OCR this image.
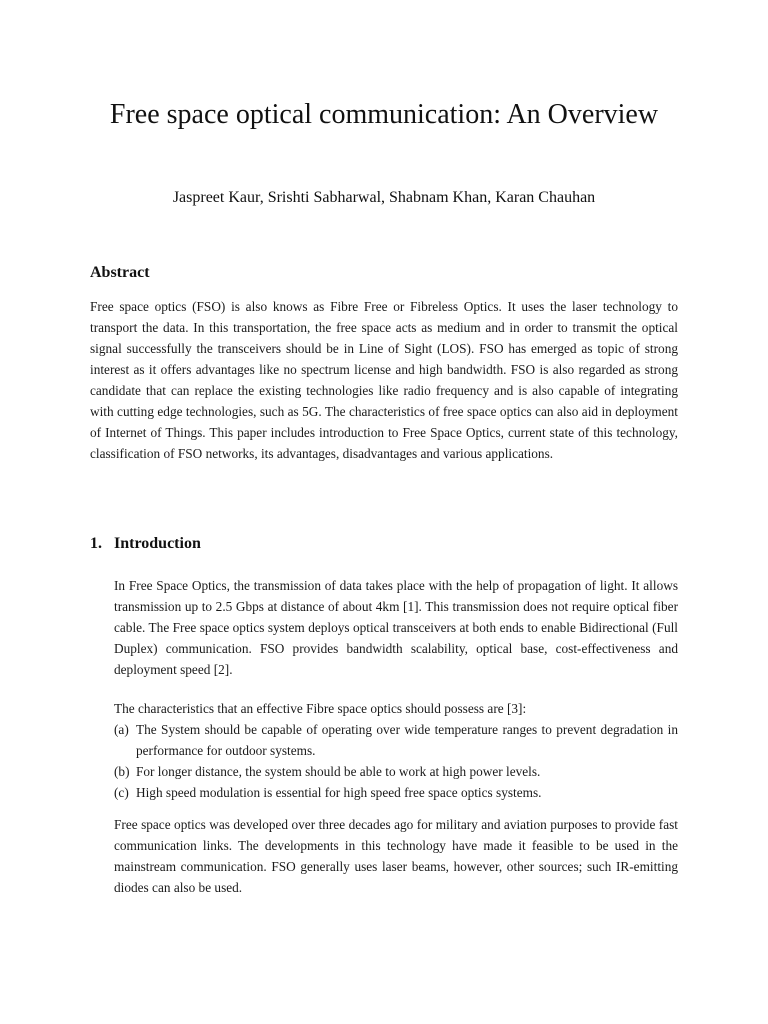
Free space optical communication: An Overview

Jaspreet Kaur, Srishti Sabharwal, Shabnam Khan, Karan Chauhan

Abstract

Free space optics (FSO) is also knows as Fibre Free or Fibreless Optics. It uses the laser technology to transport the data. In this transportation, the free space acts as medium and in order to transmit the optical signal successfully the transceivers should be in Line of Sight (LOS). FSO has emerged as topic of strong interest as it offers advantages like no spectrum license and high bandwidth. FSO is also regarded as strong candidate that can replace the existing technologies like radio frequency and is also capable of integrating with cutting edge technologies, such as 5G. The characteristics of free space optics can also aid in deployment of Internet of Things. This paper includes introduction to Free Space Optics, current state of this technology, classification of FSO networks, its advantages, disadvantages and various applications.

1. Introduction

In Free Space Optics, the transmission of data takes place with the help of propagation of light. It allows transmission up to 2.5 Gbps at distance of about 4km [1]. This transmission does not require optical fiber cable. The Free space optics system deploys optical transceivers at both ends to enable Bidirectional (Full Duplex) communication. FSO provides bandwidth scalability, optical base, cost-effectiveness and deployment speed [2].

The characteristics that an effective Fibre space optics should possess are [3]:

(a) The System should be capable of operating over wide temperature ranges to prevent degradation in performance for outdoor systems.
(b) For longer distance, the system should be able to work at high power levels.
(c) High speed modulation is essential for high speed free space optics systems.

Free space optics was developed over three decades ago for military and aviation purposes to provide fast communication links. The developments in this technology have made it feasible to be used in the mainstream communication. FSO generally uses laser beams, however, other sources; such IR-emitting diodes can also be used.
